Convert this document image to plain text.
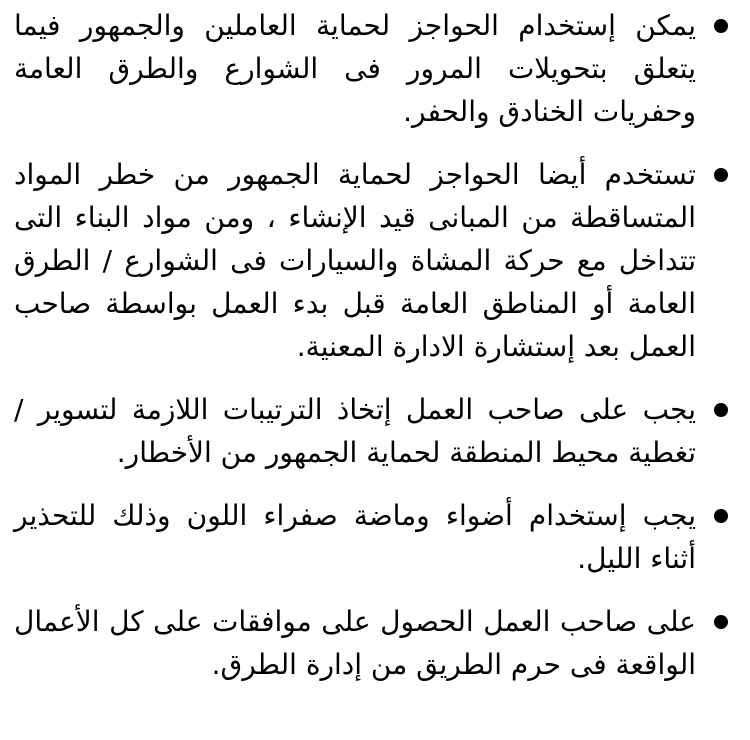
يمكن إستخدام الحواجز لحماية العاملين والجمهور فيما يتعلق بتحويلات المرور فى الشوارع والطرق العامة وحفريات الخنادق والحفر.
تستخدم أيضا الحواجز لحماية الجمهور من خطر المواد المتساقطة من المبانى قيد الإنشاء ، ومن مواد البناء التى تتداخل مع حركة المشاة والسيارات فى الشوارع / الطرق العامة أو المناطق العامة قبل بدء العمل بواسطة صاحب العمل بعد إستشارة الادارة المعنية.
يجب على صاحب العمل إتخاذ الترتيبات اللازمة لتسوير / تغطية محيط المنطقة لحماية الجمهور من الأخطار.
يجب إستخدام أضواء وماضة صفراء اللون وذلك للتحذير أثناء الليل.
على صاحب العمل الحصول على موافقات على كل الأعمال الواقعة فى حرم الطريق من إدارة الطرق.
